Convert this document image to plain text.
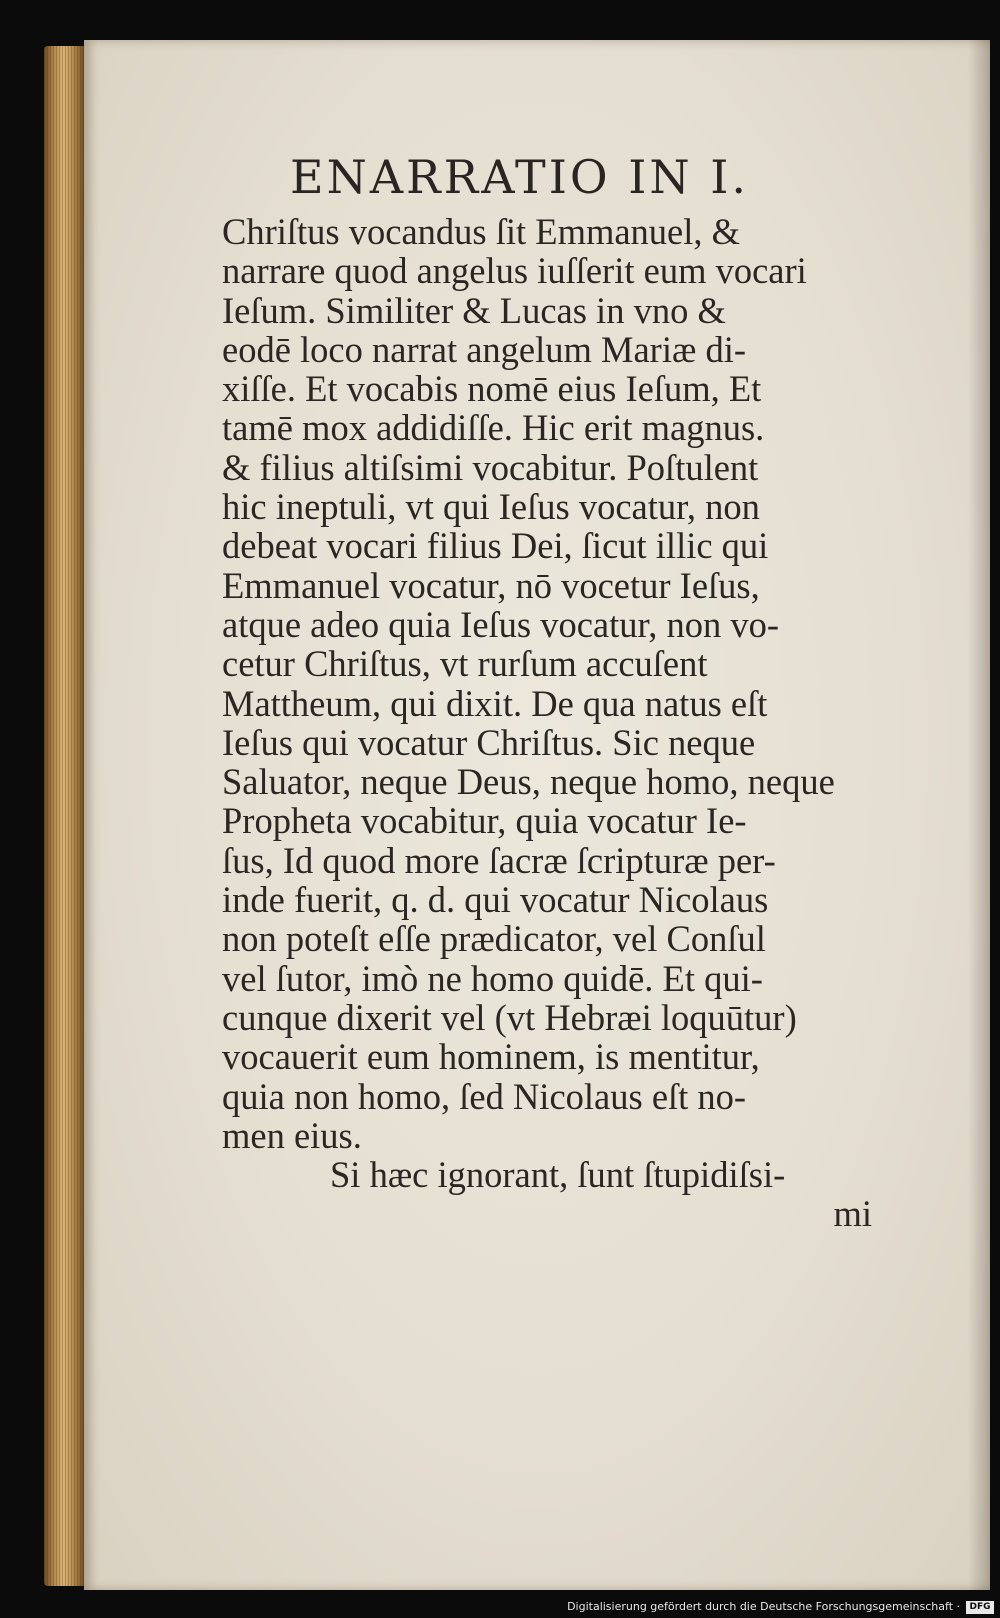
ENARRATIO IN I.
Chriſtus vocandus ſit Emmanuel, &
narrare quod angelus iuſſerit eum vocari
Ieſum. Similiter & Lucas in vno &
eodē loco narrat angelum Mariæ di-
xiſſe. Et vocabis nomē eius Ieſum, Et
tamē mox addidiſſe. Hic erit magnus.
& filius altiſsimi vocabitur. Poſtulent
hic ineptuli, vt qui Ieſus vocatur, non
debeat vocari filius Dei, ſicut illic qui
Emmanuel vocatur, nō vocetur Ieſus,
atque adeo quia Ieſus vocatur, non vo-
cetur Chriſtus, vt rurſum accuſent
Mattheum, qui dixit. De qua natus eſt
Ieſus qui vocatur Chriſtus. Sic neque
Saluator, neque Deus, neque homo, neque
Propheta vocabitur, quia vocatur Ie-
ſus, Id quod more ſacræ ſcripturæ per-
inde fuerit, q. d. qui vocatur Nicolaus
non poteſt eſſe prædicator, vel Conſul
vel ſutor, imò ne homo quidē. Et qui-
cunque dixerit vel (vt Hebræi loquūtur)
vocauerit eum hominem, is mentitur,
quia non homo, ſed Nicolaus eſt no-
men eius.
Si hæc ignorant, ſunt ſtupidiſsi-
mi
Digitalisierung gefördert durch die Deutsche Forschungsgemeinschaft ·	DFG
